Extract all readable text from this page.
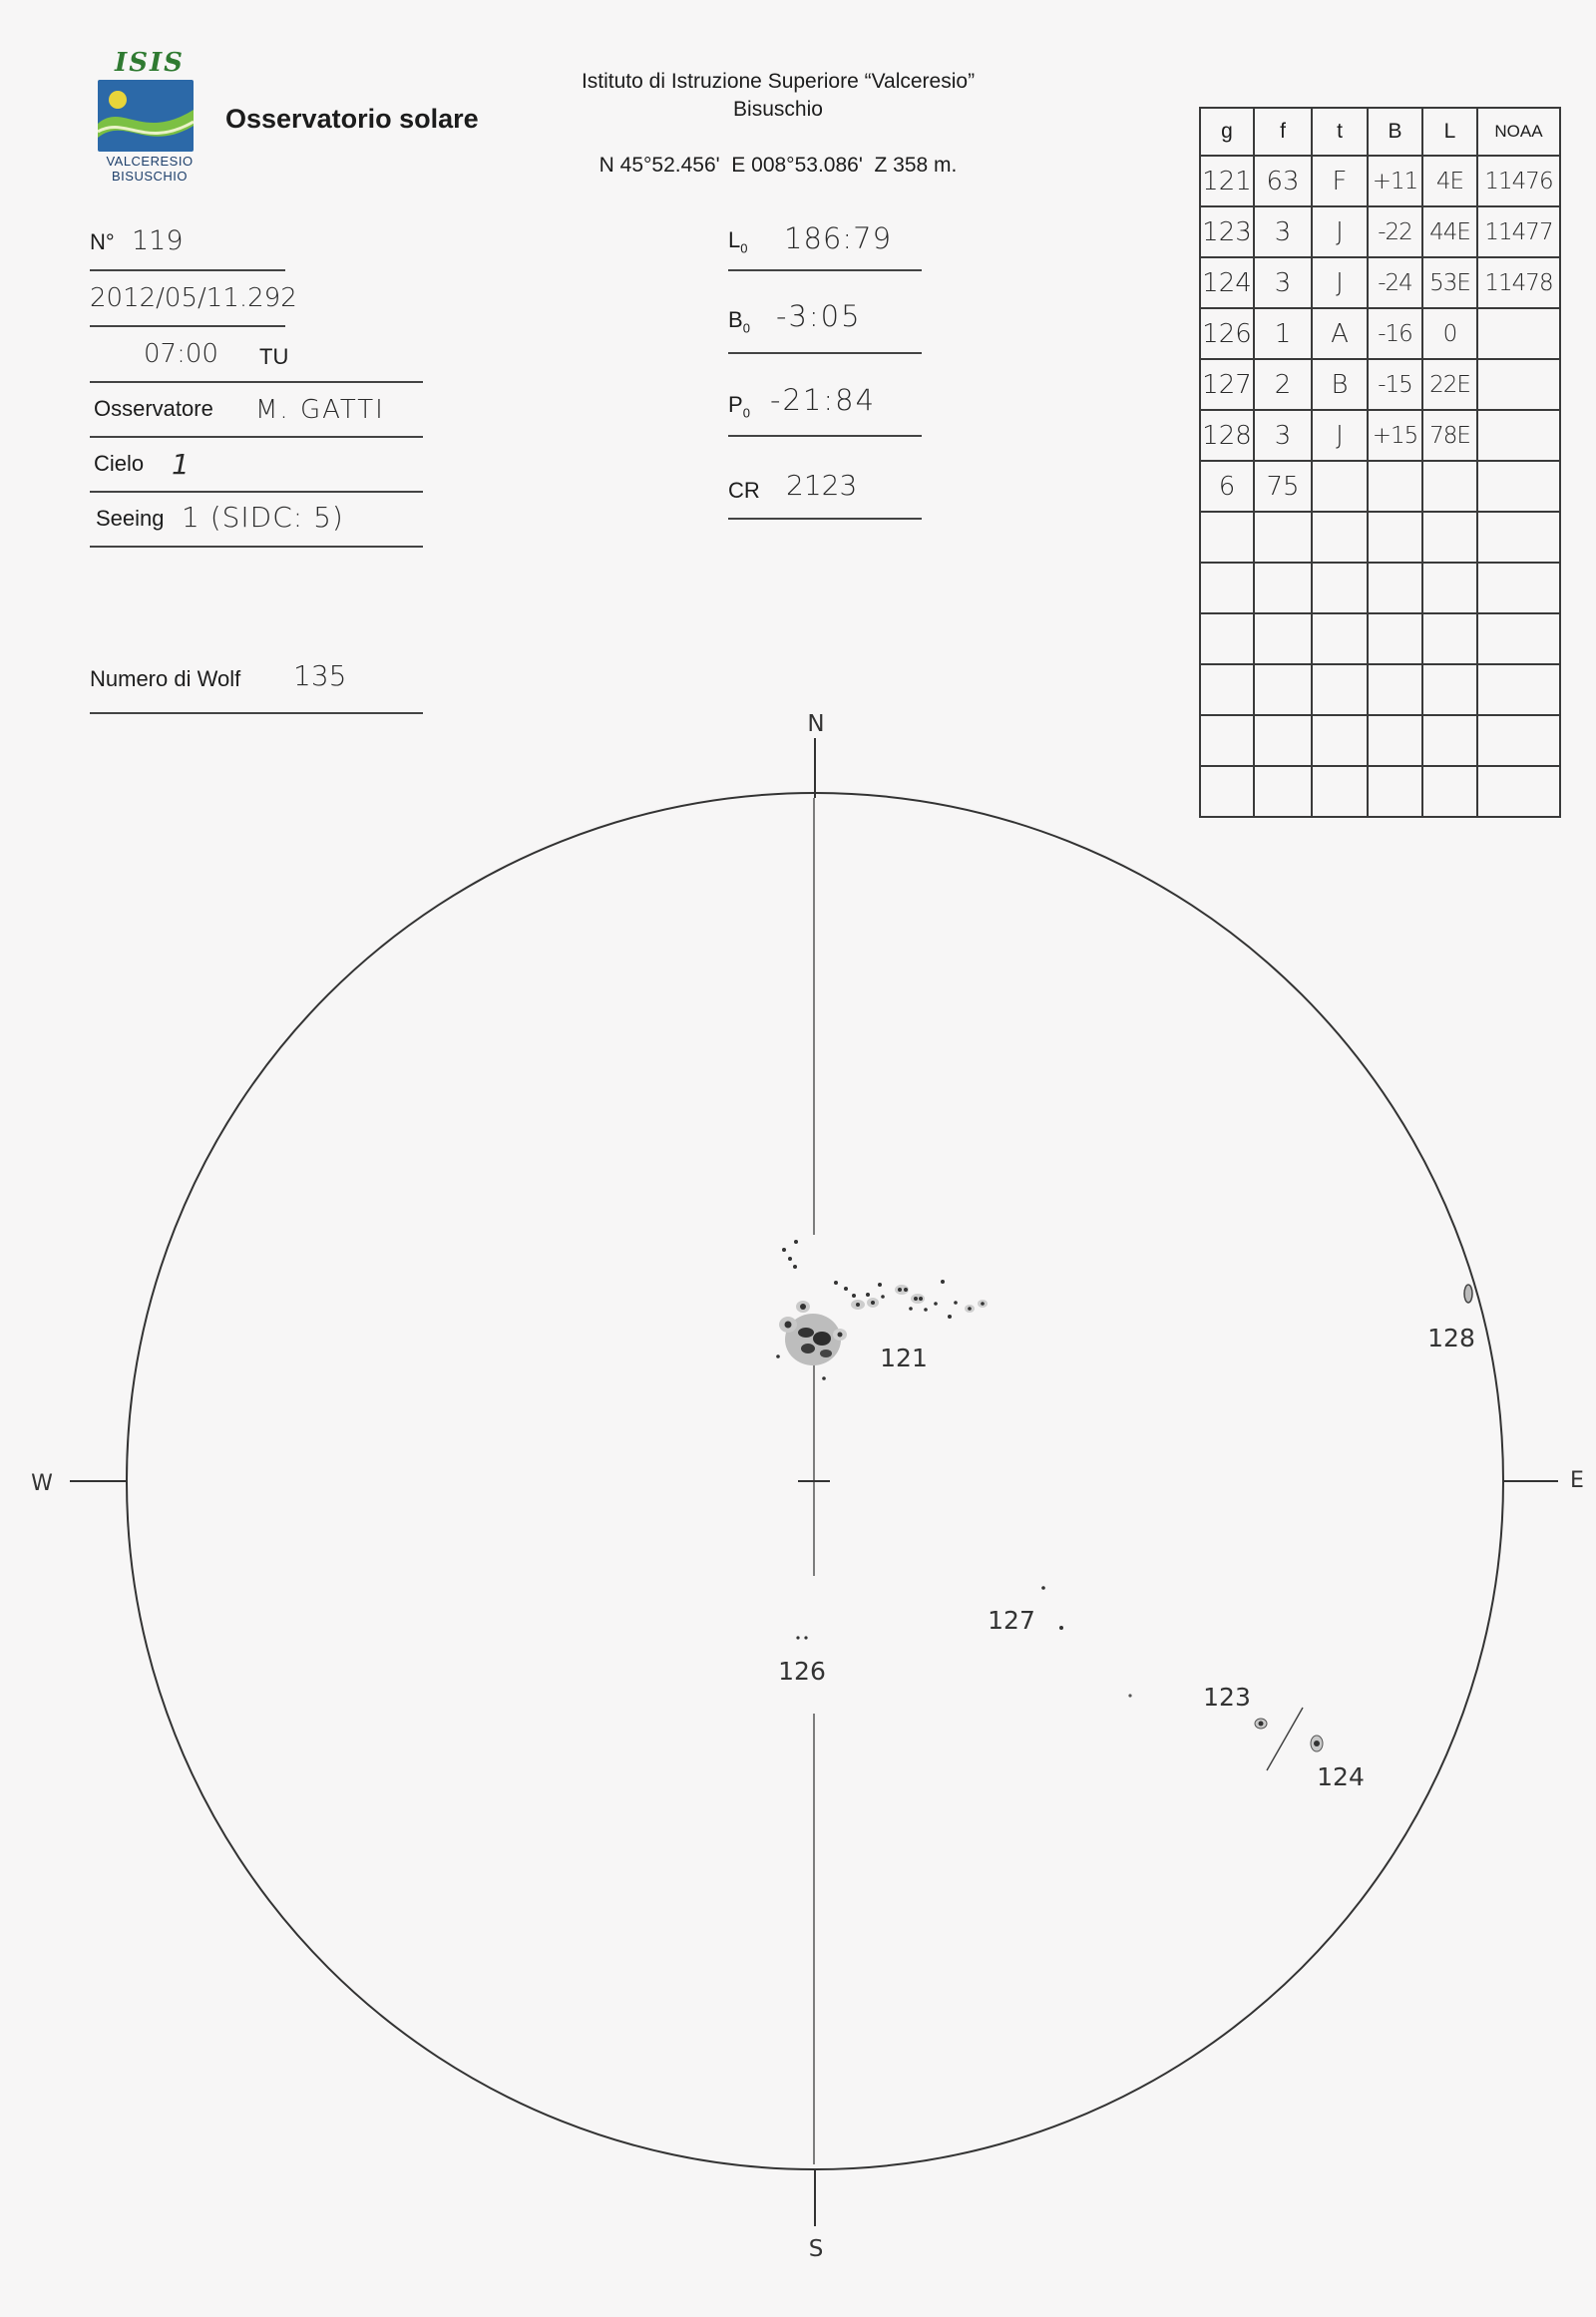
ISIS
VALCERESIO
BISUSCHIO
Osservatorio solare
Istituto di Istruzione Superiore “Valceresio”
Bisuschio
N 45°52.456'  E 008°53.086'  Z 358 m.
N° 119
2012/05/11.292
07:00 TU
Osservatore M. GATTI
Cielo 1
Seeing 1 (SIDC: 5)
Numero di Wolf 135
$L_0$ 186:79
$B_0$ -3:05
$P_0$ -21:84
CR 2123
g	f	t	B	L	NOAA
121	63	F	+11	4E	11476
123	3	J	-22	44E	11477
124	3	J	-24	53E	11478
126	1	A	-16	0	
127	2	B	-15	22E	
128	3	J	+15	78E	
6	75				

N
S
W	E
121
128
127
126
123
124
